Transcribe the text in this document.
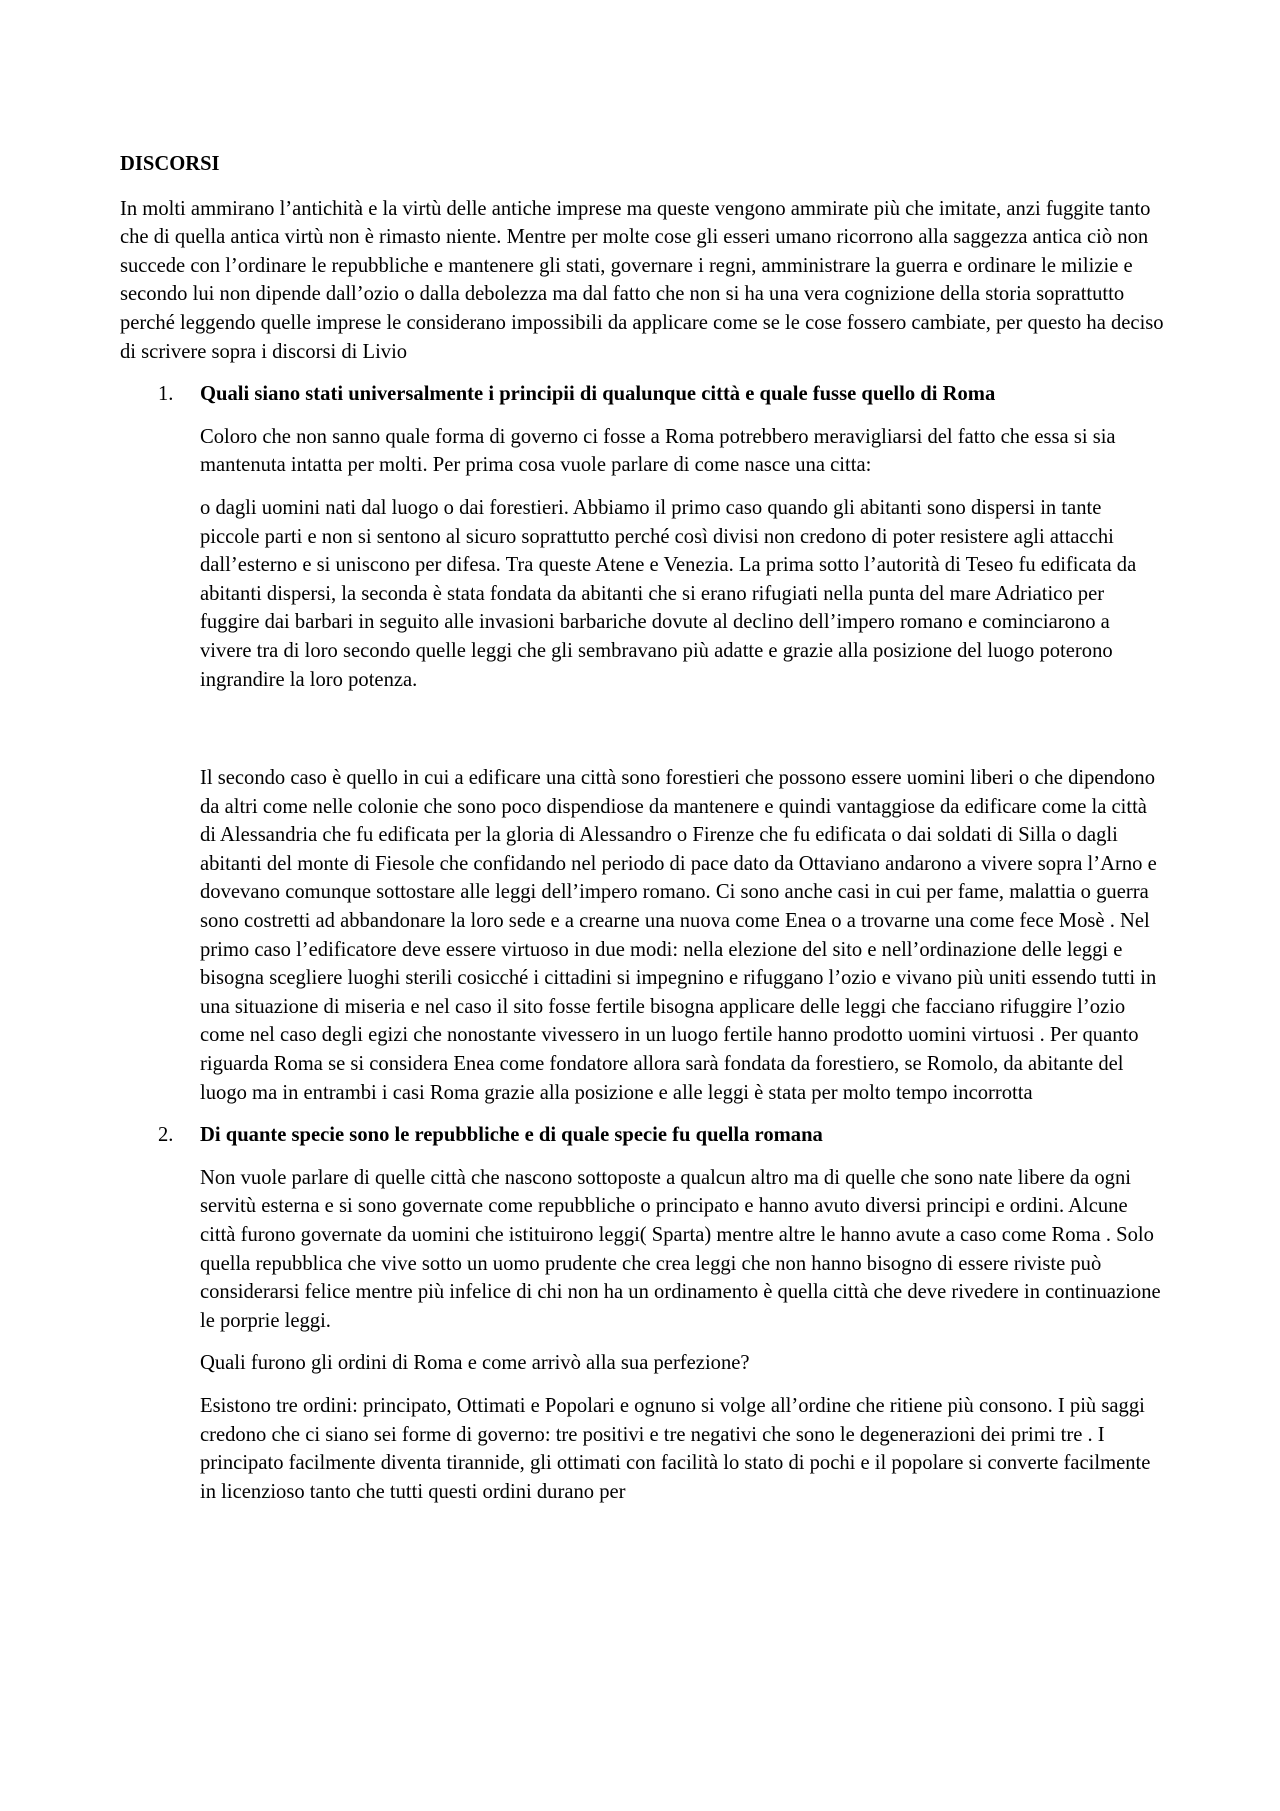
DISCORSI
In molti ammirano l’antichità e la virtù delle antiche imprese ma queste vengono ammirate più che imitate, anzi fuggite tanto che di quella antica virtù non è rimasto niente. Mentre per molte cose gli esseri umano ricorrono alla saggezza antica ciò non succede con l’ordinare le repubbliche e mantenere gli stati, governare i regni, amministrare la guerra e ordinare le milizie e secondo lui non dipende dall’ozio o dalla debolezza ma dal fatto che non si ha una vera cognizione della storia soprattutto perché leggendo quelle imprese le considerano impossibili da applicare come se le cose fossero cambiate, per questo ha deciso di scrivere sopra i discorsi di Livio
1. Quali siano stati universalmente i principii di qualunque città e quale fusse quello di Roma
Coloro che non sanno quale forma di governo ci fosse a Roma potrebbero meravigliarsi del fatto che essa si sia mantenuta intatta per molti. Per prima cosa vuole parlare di come nasce una citta:
o dagli uomini nati dal luogo o dai forestieri. Abbiamo il primo caso quando gli abitanti sono dispersi in tante piccole parti e non si sentono al sicuro soprattutto perché così divisi non credono di poter resistere agli attacchi dall’esterno e si uniscono per difesa. Tra queste Atene e Venezia. La prima sotto l’autorità di Teseo fu edificata da abitanti dispersi, la seconda è stata fondata da abitanti che si erano rifugiati nella punta del mare Adriatico per fuggire dai barbari in seguito alle invasioni barbariche dovute al declino dell’impero romano e cominciarono a vivere tra di loro secondo quelle leggi che gli sembravano più adatte e grazie alla posizione del luogo poterono ingrandire la loro potenza.
Il secondo caso è quello in cui a edificare una città sono forestieri che possono essere uomini liberi o che dipendono da altri come nelle colonie che sono poco dispendiose da mantenere e quindi vantaggiose da edificare come la città di Alessandria che fu edificata per la gloria di Alessandro o Firenze che fu edificata o dai soldati di Silla o dagli abitanti del monte di Fiesole che confidando nel periodo di pace dato da Ottaviano andarono a vivere sopra l’Arno e dovevano comunque sottostare alle leggi dell’impero romano. Ci sono anche casi in cui per fame, malattia o guerra sono costretti ad abbandonare la loro sede e a crearne una nuova come Enea o a trovarne una come fece Mosè . Nel primo caso l’edificatore deve essere virtuoso in due modi: nella elezione del sito e nell’ordinazione delle leggi e bisogna scegliere luoghi sterili cosicché i cittadini si impegnino e rifuggano l’ozio e vivano più uniti essendo tutti in una situazione di miseria e nel caso il sito fosse fertile bisogna applicare delle leggi che facciano rifuggire l’ozio come nel caso degli egizi che nonostante vivessero in un luogo fertile hanno prodotto uomini virtuosi . Per quanto riguarda Roma se si considera Enea come fondatore allora sarà fondata da forestiero, se Romolo, da abitante del luogo ma in entrambi i casi Roma grazie alla posizione e alle leggi è stata per molto tempo incorrotta
2. Di quante specie sono le repubbliche e di quale specie fu quella romana
Non vuole parlare di quelle città che nascono sottoposte a qualcun altro ma di quelle che sono nate libere da ogni servitù esterna e si sono governate come repubbliche o principato e hanno avuto diversi principi e ordini. Alcune città furono governate da uomini che istituirono leggi( Sparta) mentre altre le hanno avute a caso come Roma . Solo quella repubblica che vive sotto un uomo prudente che crea leggi che non hanno bisogno di essere riviste può considerarsi felice mentre più infelice di chi non ha un ordinamento è quella città che deve rivedere in continuazione le porprie leggi.
Quali furono gli ordini di Roma e come arrivò alla sua perfezione?
Esistono tre ordini: principato, Ottimati e Popolari e ognuno si volge all’ordine che ritiene più consono. I più saggi credono che ci siano sei forme di governo: tre positivi e tre negativi che sono le degenerazioni dei primi tre . I principato facilmente diventa tirannide, gli ottimati con facilità lo stato di pochi e il popolare si converte facilmente in licenzioso tanto che tutti questi ordini durano per
